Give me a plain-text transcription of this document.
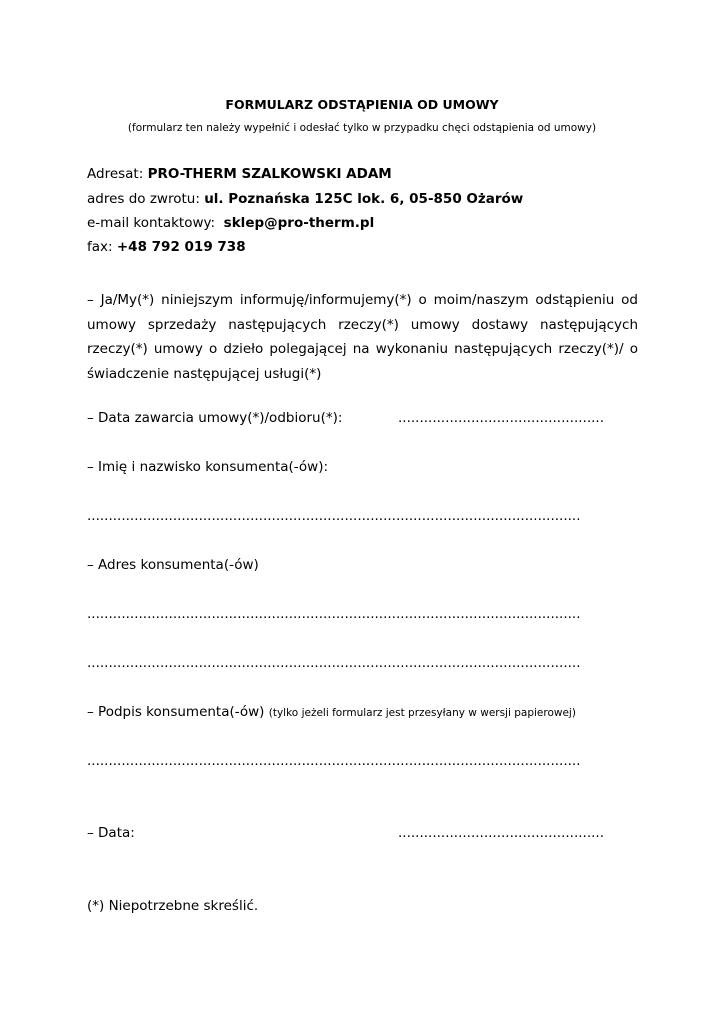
FORMULARZ ODSTĄPIENIA OD UMOWY
(formularz ten należy wypełnić i odesłać tylko w przypadku chęci odstąpienia od umowy)
Adresat: PRO-THERM SZALKOWSKI ADAM
adres do zwrotu: ul. Poznańska 125C lok. 6, 05-850 Ożarów
e-mail kontaktowy:  sklep@pro-therm.pl
fax: +48 792 019 738
– Ja/My(*) niniejszym informuję/informujemy(*) o moim/naszym odstąpieniu od umowy sprzedaży następujących rzeczy(*) umowy dostawy następujących rzeczy(*) umowy o dzieło polegającej na wykonaniu następujących rzeczy(*)/ o świadczenie następującej usługi(*)
– Data zawarcia umowy(*)/odbioru(*):	................................................
– Imię i nazwisko konsumenta(-ów):
...................................................................................................................
– Adres konsumenta(-ów)
...................................................................................................................
...................................................................................................................
– Podpis konsumenta(-ów) (tylko jeżeli formularz jest przesyłany w wersji papierowej)
...................................................................................................................
– Data:	................................................
(*) Niepotrzebne skreślić.
